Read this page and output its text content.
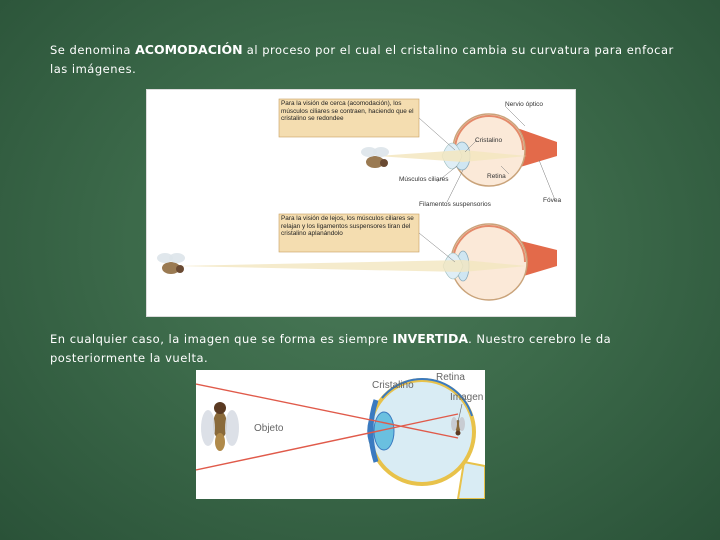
Se denomina ACOMODACIÓN al proceso por el cual el cristalino cambia su curvatura para enfocar las imágenes.
Para la visión de cerca (acomodación), los músculos ciliares se contraen, haciendo que el cristalino se redondee
Para la visión de lejos, los músculos ciliares se relajan y los ligamentos suspensores tiran del cristalino aplanándolo
Nervio óptico
Cristalino
Músculos ciliares	Retina
Filamentos suspensorios
Fóvea
En cualquier caso, la imagen que se forma es siempre INVERTIDA. Nuestro cerebro le da posteriormente la vuelta.
Cristalino
Retina
Imagen
Objeto
